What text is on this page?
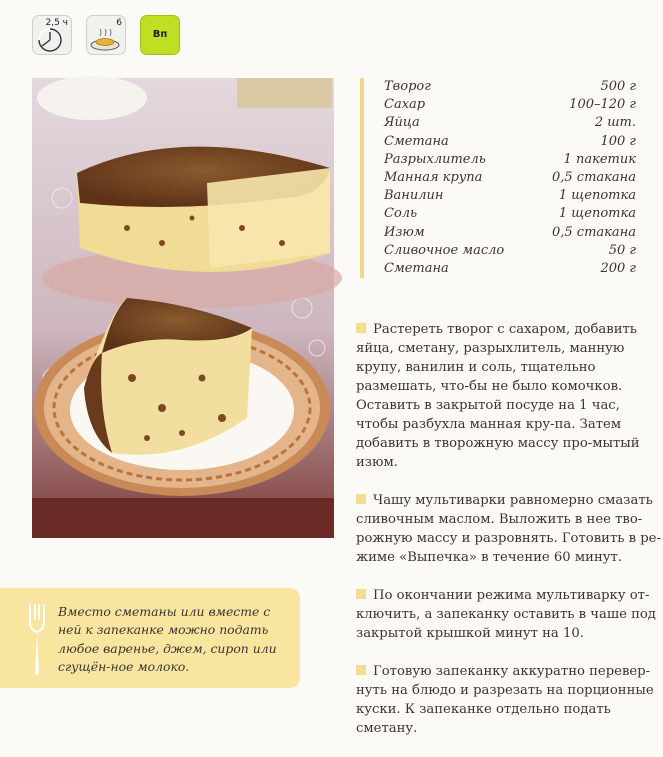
2,5 ч	6
Вп
Творог	500 г
Сахар	100–120 г
Яйца	2 шт.
Сметана	100 г
Разрыхлитель	1 пакетик
Манная крупа	0,5 стакана
Ванилин	1 щепотка
Соль	1 щепотка
Изюм	0,5 стакана
Сливочное масло	50 г
Сметана	200 г

Растереть творог с сахаром, добавить яйца, сметану, разрыхлитель, манную крупу, ванилин и соль, тщательно размешать, что-бы не было комочков. Оставить в закрытой посуде на 1 час, чтобы разбухла манная кру-па. Затем добавить в творожную массу про-мытый изюм.

Чашу мультиварки равномерно смазать сливочным маслом. Выложить в нее тво-рожную массу и разровнять. Готовить в ре-жиме «Выпечка» в течение 60 минут.

По окончании режима мультиварку от-ключить, а запеканку оставить в чаше под закрытой крышкой минут на 10.

Готовую запеканку аккуратно перевер-нуть на блюдо и разрезать на порционные куски. К запеканке отдельно подать сметану.

Вместо сметаны или вместе с ней к запеканке можно подать любое варенье, джем, сироп или сгущён-ное молоко.
